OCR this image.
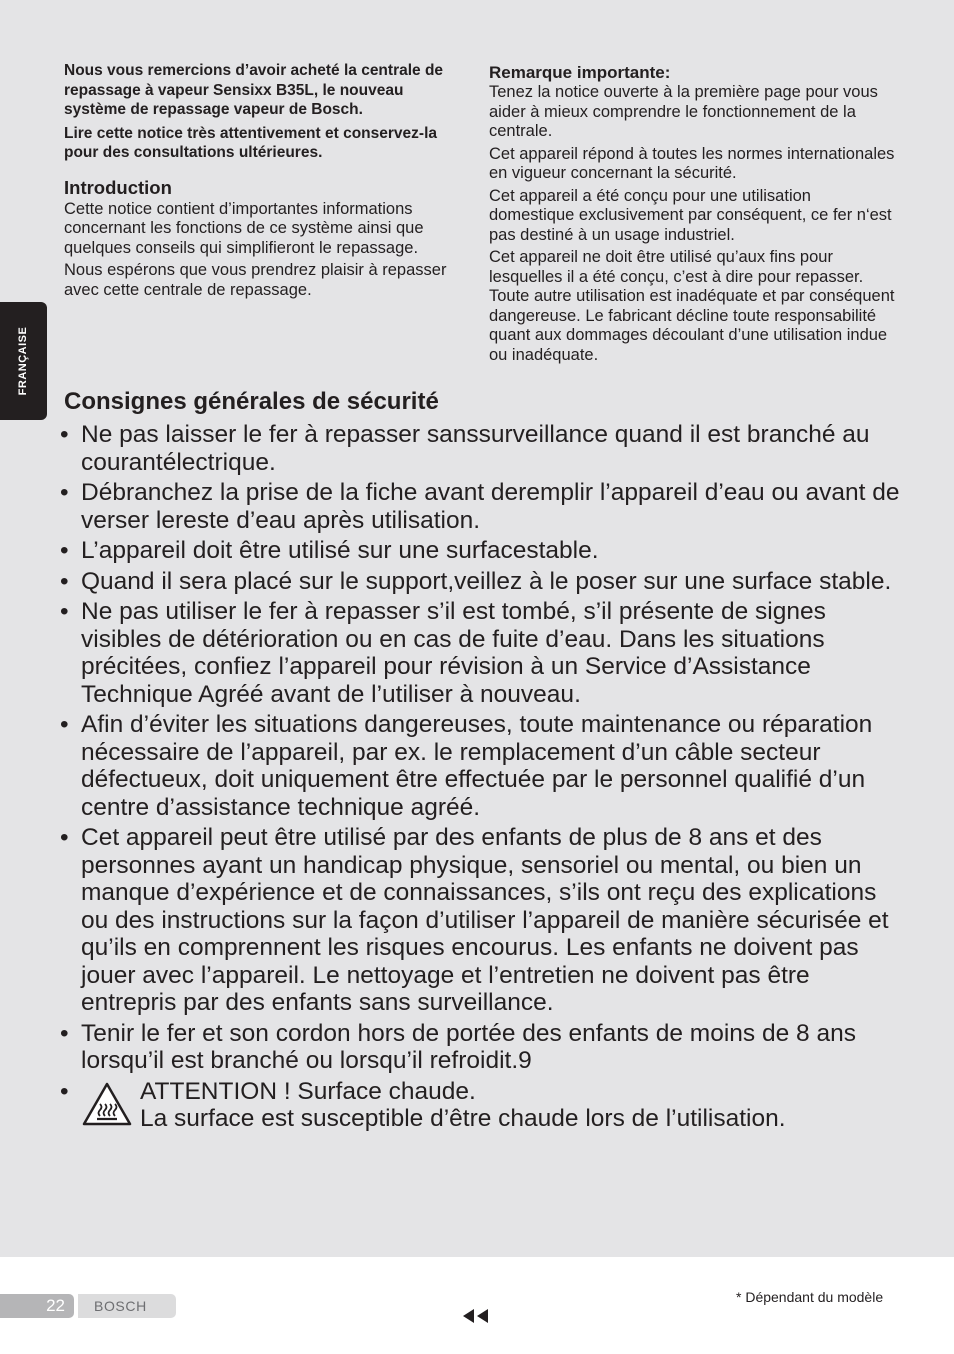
FRANÇAISE

Nous vous remercions d’avoir acheté la centrale de repassage à vapeur Sensixx B35L, le nouveau système de repassage vapeur de Bosch.

Lire cette notice très attentivement et conservez-la pour des consultations ultérieures.

Introduction

Cette notice contient d’importantes informations concernant les fonctions de ce système ainsi que quelques conseils qui simplifieront le repassage.

Nous espérons que vous prendrez plaisir à repasser avec cette centrale de repassage.

Remarque importante:

Tenez la notice ouverte à la première page pour vous aider à mieux comprendre le fonctionnement de la centrale.

Cet appareil répond à toutes les normes internationales en vigueur concernant la sécurité.

Cet appareil a été conçu pour une utilisation domestique exclusivement par conséquent, ce fer n‘est pas destiné à un usage industriel.

Cet appareil ne doit être utilisé qu’aux fins pour lesquelles il a été conçu, c’est à dire pour repasser. Toute autre utilisation est inadéquate et par conséquent dangereuse. Le fabricant décline toute responsabilité quant aux dommages découlant d’une utilisation indue ou inadéquate.

Consignes générales de sécurité
• Ne pas laisser le fer à repasser sanssurveillance quand il est branché au courantélectrique.
• Débranchez la prise de la fiche avant deremplir l’appareil d’eau ou avant de verser lereste d’eau après utilisation.
• L’appareil doit être utilisé sur une surfacestable.
• Quand il sera placé sur le support,veillez à le poser sur une surface stable.
• Ne pas utiliser le fer à repasser s’il est tombé, s’il présente de signes visibles de détérioration ou en cas de fuite d’eau. Dans les situations précitées, confiez l’appareil pour révision à un Service d’Assistance Technique Agréé avant de l’utiliser à nouveau.
• Afin d’éviter les situations dangereuses, toute maintenance ou réparation nécessaire de l’appareil, par ex. le remplacement d’un câble secteur défectueux, doit uniquement être effectuée par le personnel qualifié d’un centre d’assistance technique agréé.
• Cet appareil peut être utilisé par des enfants de plus de 8 ans et des personnes ayant un handicap physique, sensoriel ou mental, ou bien un manque d’expérience et de connaissances, s’ils ont reçu des explications ou des instructions sur la façon d’utiliser l’appareil de manière sécurisée et qu’ils en comprennent les risques encourus. Les enfants ne doivent pas jouer avec l’appareil. Le nettoyage et l’entretien ne doivent pas être entrepris par des enfants sans surveillance.
• Tenir le fer et son cordon hors de portée des enfants de moins de 8 ans lorsqu’il est branché ou lorsqu’il refroidit.9
•	ATTENTION ! Surface chaude.
La surface est susceptible d’être chaude lors de l’utilisation.
22 BOSCH
* Dépendant du modèle
